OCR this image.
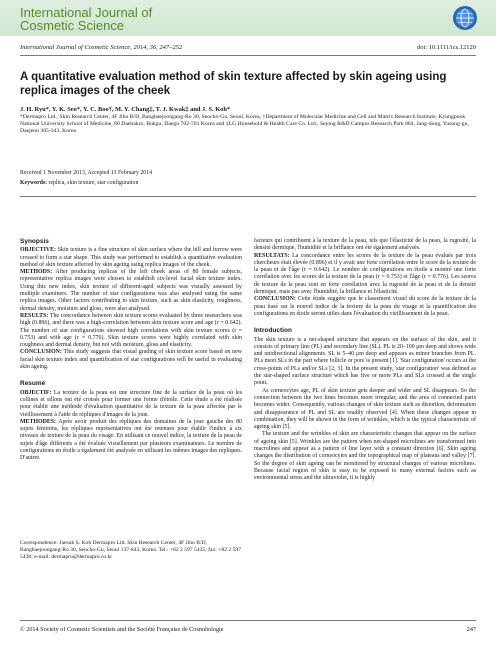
International Journal of
Cosmetic Science
International Journal of Cosmetic Science, 2014, 36, 247–252	doi: 10.1111/ics.12120
A quantitative evaluation method of skin texture affected by skin ageing using replica images of the cheek
J. H. Ryu*, Y. K. Seo*, Y. C. Boo†, M. Y. Chang‡, T. J. Kwak‡ and J. S. Koh*
*Dermapro Ltd., Skin Research Center, 4F Jiho B/D, Bangbaejoongang-Ro 30, Seocho-Gu, Seoul, Korea, †Department of Molecular Medicine and Cell and Matrix Research Institute, Kyungpook National University School of Medicine, 80 Daehakro, Bukgu, Daegu 702-701 Korea and ‡LG Household & Health Care Co. Ltd., Sejong R&D Campus Research Park 884, Jang-dong, Yusong-gu, Daejeon 305-343, Korea
Received 1 November 2013, Accepted 13 February 2014
Keywords: replica, skin texture, star configuration
Synopsis

OBJECTIVE: Skin texture is a fine structure of skin surface where the hill and furrow were crossed to form a star shape. This study was performed to establish a quantitative evaluation method of skin texture affected by skin ageing using replica images of the cheek.

METHODS: After producing replicas of the left cheek areas of 80 female subjects, representative replica images were chosen to establish six-level facial skin texture index. Using this new index, skin texture of different-aged subjects was visually assessed by multiple examiners. The number of star configurations was also analysed using the same replica images. Other factors contributing to skin texture, such as skin elasticity, roughness, dermal density, moisture and gloss, were also analysed.

RESULTS: The concordance between skin texture scores evaluated by three researchers was high (0.896), and there was a high-correlation between skin texture score and age (r = 0.642). The number of star configurations showed high correlations with skin texture scores (r = 0.753) and with age (r = 0.776). Skin texture scores were highly correlated with skin roughness and dermal density, but not with moisture, gloss and elasticity.

CONCLUSION: This study suggests that visual grading of skin texture score based on new facial skin texture index and quantification of star configurations will be useful in evaluating skin ageing.

Resumé

OBJECTIF: La texture de la peau est une structure fine de la surface de la peau où les collines et sillons ont été croisés pour former une forme d'étoile. Cette étude a été réalisée pour établir une méthode d'évaluation quantitative de la texture de la peau affectée par le vieillissement à l'aide de répliques d'images de la joue.

METHODES: Après avoir produit des répliques des domaines de la joue gauche des 80 sujets féminins, les répliques représentatives ont été retenues pour établir l'indice à six niveaux de texture de la peau du visage. En utilisant ce nouvel indice, la texture de la peau de sujets d'âge différents a été évaluée visuellement par plusieurs examinateurs. Le nombre de configurations en étoile a également été analysée en utilisant les mêmes images des répliques. D'autres

Correspondence: Jaesuk S. Koh Dermapro Ltd. Skin Research Center, 4F Jiho B/D, Bangbaejoongang-Ro 30, Seocho-Gu, Seoul 137-843, Korea. Tel.: +82 2 597 5435; fax: +82 2 597 5430; e-mail: dermapro@dermapro.co.kr

facteurs qui contribuent à la texture de la peau, tels que l'élasticité de la peau, la rugosité, la densité dermique, l'humidité et la brillance ont été également analysés.

RESULTATS: La concordance entre les scores de la texture de la peau évalués par trois chercheurs était élevée (0.896) et il y avait une forte corrélation entre le score de la texture de la peau et de l'âge (r = 0.642). Le nombre de configurations en étoile a montré une forte corrélation avec les scores de la texture de la peau (r = 0.753) et l'âge (r = 0.776). Les scores de texture de la peau sont en forte corrélation avec la rugosité de la peau et de la densité dermique, mais pas avec l'humidité, la brillance et l'élasticité.

CONCLUSION: Cette étude suggère que le classement visuel du score de la texture de la peau basé sur le nouvel indice de la texture de la peau du visage et la quantification des configurations en étoile seront utiles dans l'évaluation du vieillissement de la peau.

Introduction

The skin texture is a net-shaped structure that appears on the surface of the skin, and it consists of primary line (PL) and secondary line (SL). PL is 20–100 μm deep and shows wide and unidirectional alignments. SL is 5–40 μm deep and appears as minor branches from PL. PLs meet SLs in the part where follicle or pore is present [1]. 'Star configuration' occurs at the cross-points of PLs and/or SLs [2, 3]. In the present study, 'star configuration' was defined as the star-shaped surface structure which has five or more PLs and SLs crossed at the single point.

As corneocytes age, PL of skin texture gets deeper and wider and SL disappears. So the connection between the two lines becomes more irregular, and the area of connected parts becomes wider. Consequently, various changes of skin texture such as distortion, deformation and disappearance of PL and SL are readily observed [4]. When these changes appear in combination, they will be shown in the form of wrinkles, which is the typical characteristic of ageing skin [5].

The texture and the wrinkles of skin are characteristic changes that appear on the surface of ageing skin [5]. Wrinkles are the pattern when net-shaped microlines are transformed into macrolines and appear as a pattern of line layer with a constant direction [6]. Skin ageing changes the distribution of corneocytes and the topographical map of plateaus and valley [7]. So the degree of skin ageing can be monitored by structural changes of various microlines. Because facial region of skin is easy to be exposed to many external factors such as environmental stress and the ultraviolet, it is highly

© 2014 Society of Cosmetic Scientists and the Société Française de Cosmétologie	247
